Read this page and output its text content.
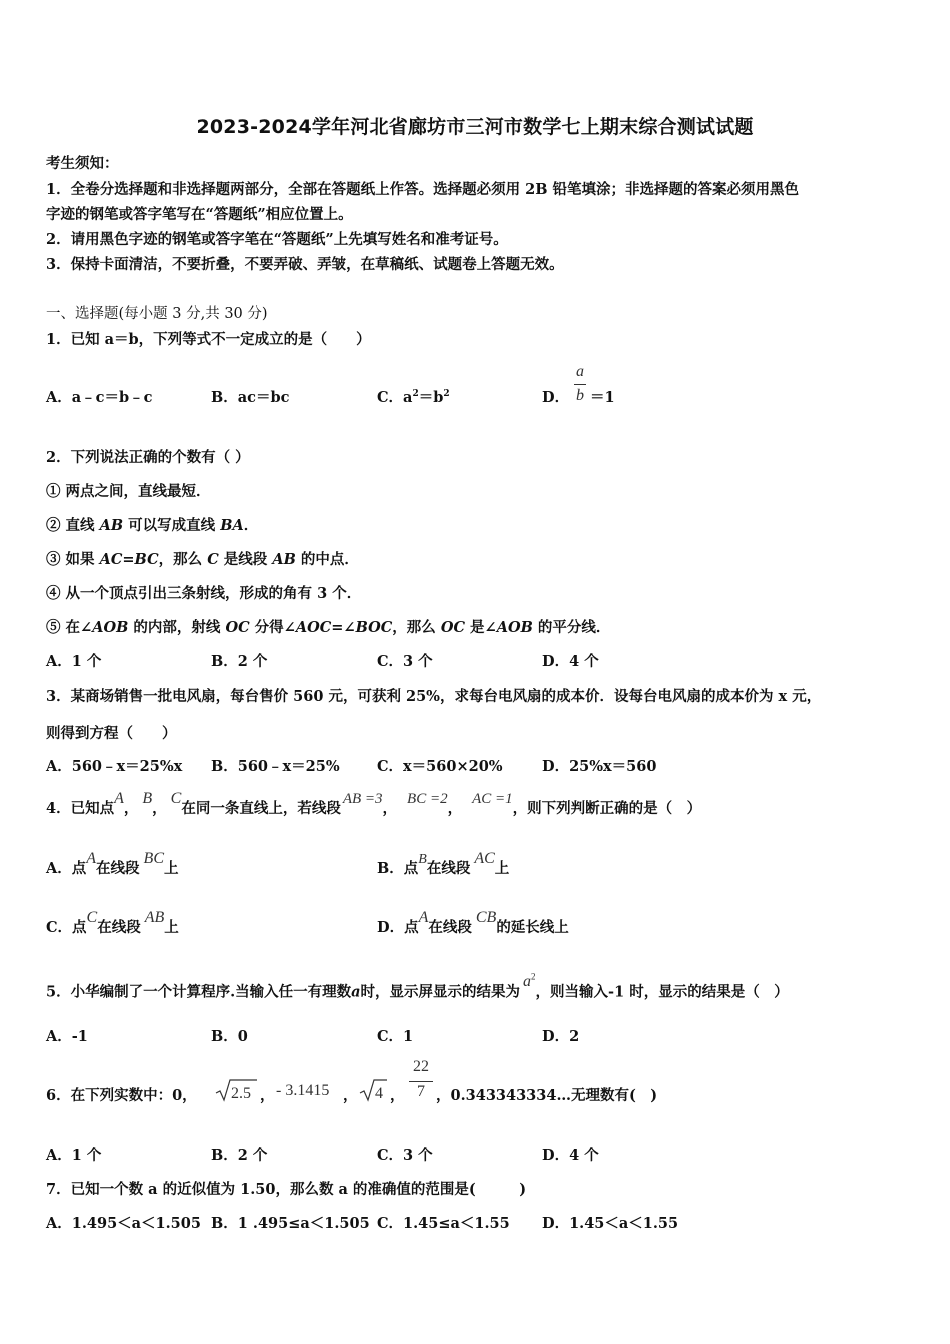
2023-2024学年河北省廊坊市三河市数学七上期末综合测试试题
考生须知：
1．全卷分选择题和非选择题两部分，全部在答题纸上作答。选择题必须用 2B 铅笔填涂；非选择题的答案必须用黑色
字迹的钢笔或答字笔写在“答题纸”相应位置上。
2．请用黑色字迹的钢笔或答字笔在“答题纸”上先填写姓名和准考证号。
3．保持卡面清洁，不要折叠，不要弄破、弄皱，在草稿纸、试题卷上答题无效。
一、选择题(每小题 3 分,共 30 分)
1．已知 a＝b，下列等式不一定成立的是（　　）
A．a﹣c＝b﹣c	B．ac＝bc	C．$a^2=b^2$	D．
a
b ＝1
2．下列说法正确的个数有（ ）
① 两点之间，直线最短．
② 直线 AB 可以写成直线 BA．
③ 如果 AC=BC，那么 C 是线段 AB 的中点．
④ 从一个顶点引出三条射线，形成的角有 3 个．
⑤ 在∠AOB 的内部，射线 OC 分得∠AOC=∠BOC，那么 OC 是∠AOB 的平分线．
A．1 个	B．2 个	C．3 个	D．4 个
3．某商场销售一批电风扇，每台售价 560 元，可获利 25%，求每台电风扇的成本价．设每台电风扇的成本价为 x 元，
则得到方程（　　）
A．560﹣x＝25%x B．560﹣x＝25%	C．x＝560×20%	D．25%x＝560
4．已知点A，B，C在同一条直线上，若线段AB =3，BC =2，AC =1，则下列判断正确的是（　）
A．点A在线段BC上	B．点B在线段AC上
C．点C在线段AB上	D．点A在线段CB的延长线上
5．小华编制了一个计算程序.当输入任一有理数a时，显示屏显示的结果为$a^2$，则当输入-1 时，显示的结果是（　）
A．-1	B．0	C．1	D．2
6．在下列实数中：0， 2.5 ， - 3.1415 ， 4 ，
22
7 ，0.343343334…无理数有(　)
A．1 个	B．2 个	C．3 个	D．4 个
7．已知一个数 a 的近似值为 1.50，那么数 a 的准确值的范围是(　　　)
A．1.495＜a＜1.505 B．1 .495≤a＜1.505 C．1.45≤a＜1.55 D．1.45＜a＜1.55
